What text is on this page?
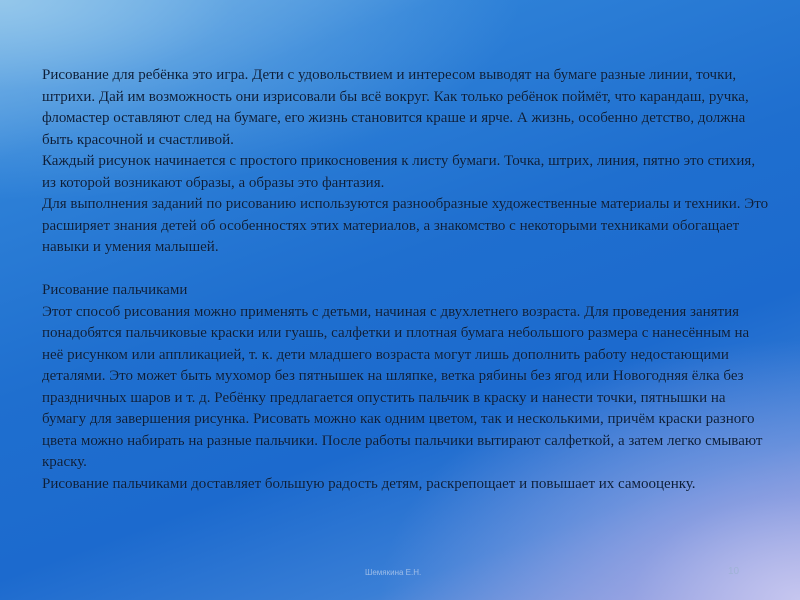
Рисование для ребёнка это игра. Дети с удовольствием и интересом выводят на бумаге разные линии, точки, штрихи. Дай им возможность они изрисовали бы всё вокруг. Как только ребёнок поймёт, что карандаш, ручка, фломастер оставляют след на бумаге, его жизнь становится краше и ярче. А жизнь, особенно детство, должна быть красочной и счастливой.

Каждый рисунок начинается с простого прикосновения к листу бумаги. Точка, штрих, линия, пятно это стихия, из которой возникают образы, а образы это фантазия.

Для выполнения заданий по рисованию используются разнообразные художественные материалы и техники. Это расширяет знания детей об особенностях этих материалов, а знакомство с некоторыми техниками обогащает навыки и умения малышей.

Рисование пальчиками

Этот способ рисования можно применять с детьми, начиная с двухлетнего возраста. Для проведения занятия понадобятся пальчиковые краски или гуашь, салфетки и плотная бумага небольшого размера с нанесённым на неё рисунком или аппликацией, т. к. дети младшего возраста могут лишь дополнить работу недостающими деталями. Это может быть мухомор без пятнышек на шляпке, ветка рябины без ягод или Новогодняя ёлка без праздничных шаров и т. д. Ребёнку предлагается опустить пальчик в краску и нанести точки, пятнышки на бумагу для завершения рисунка. Рисовать можно как одним цветом, так и несколькими, причём краски разного цвета можно набирать на разные пальчики. После работы пальчики вытирают салфеткой, а затем легко смывают краску.

Рисование пальчиками доставляет большую радость детям, раскрепощает и повышает их самооценку.

Шемякина Е.Н.	10
